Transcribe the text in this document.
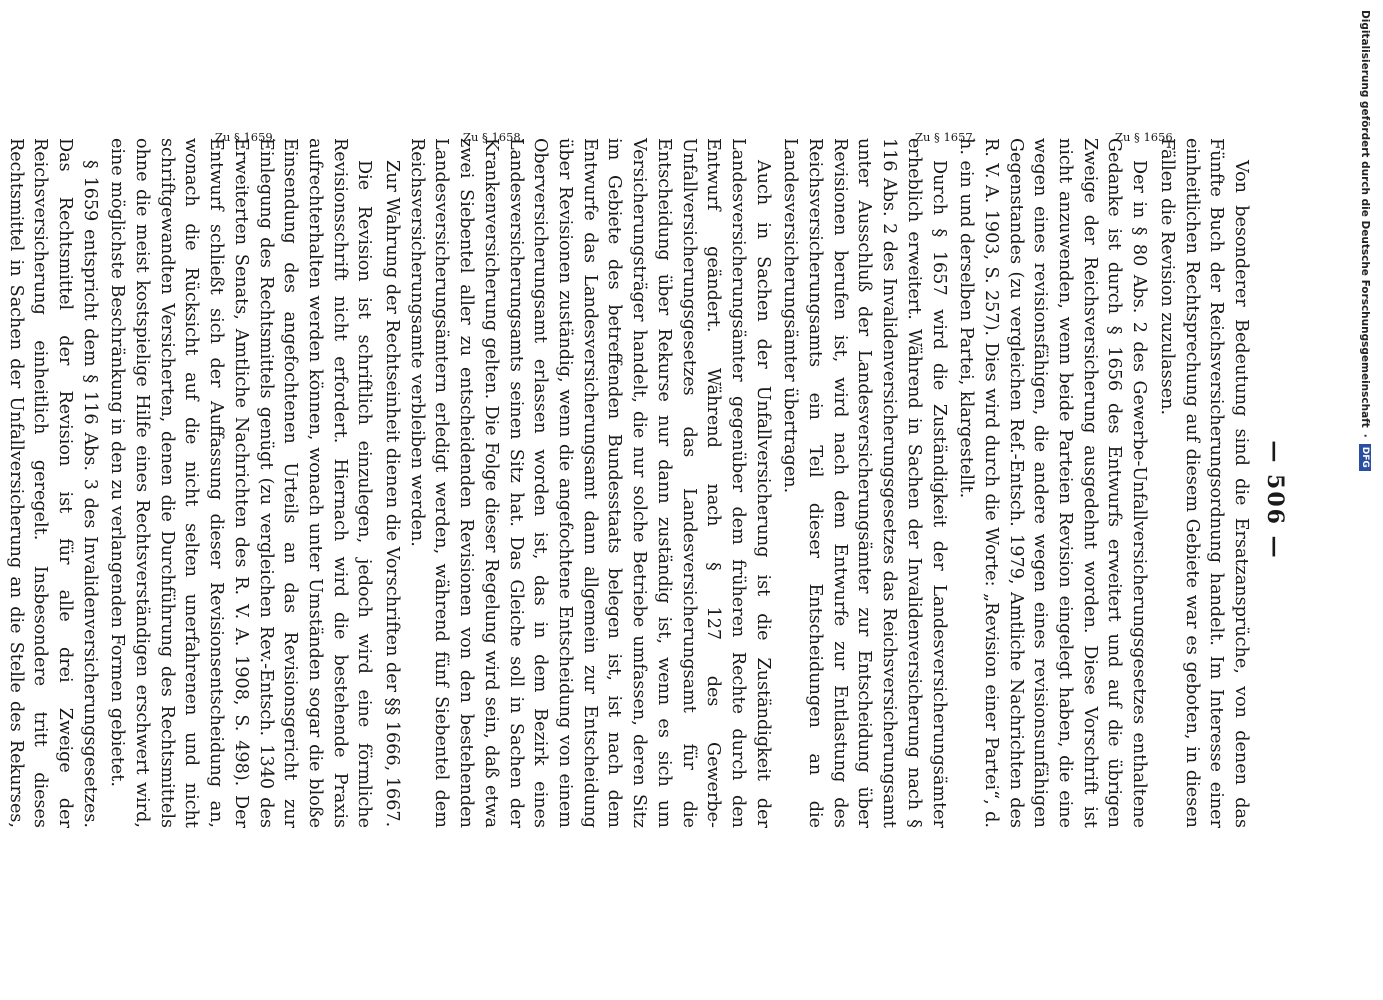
— 506 —
Zu § 1656.
Zu § 1657.
Zu § 1658.
Zu § 1659.

Von besonderer Bedeutung sind die Ersatzansprüche, von denen das Fünfte Buch der Reichsversicherungsordnung handelt. Im Interesse einer einheitlichen Rechtsprechung auf diesem Gebiete war es geboten, in diesen Fällen die Revision zuzulassen.

Der in § 80 Abs. 2 des Gewerbe-Unfallversicherungsgesetzes enthaltene Gedanke ist durch § 1656 des Entwurfs erweitert und auf die übrigen Zweige der Reichsversicherung ausgedehnt worden. Diese Vorschrift ist nicht anzuwenden, wenn beide Parteien Revision eingelegt haben, die eine wegen eines revisionsfähigen, die andere wegen eines revisionsunfähigen Gegenstandes (zu vergleichen Ref.-Entsch. 1979, Amtliche Nachrichten des R. V. A. 1903, S. 257). Dies wird durch die Worte: „Revision einer Partei“, d. h. ein und derselben Partei, klargestellt.

Durch § 1657 wird die Zuständigkeit der Landesversicherungsämter erheblich erweitert. Während in Sachen der Invalidenversicherung nach § 116 Abs. 2 des Invalidenversicherungsgesetzes das Reichsversicherungsamt unter Ausschluß der Landesversicherungsämter zur Entscheidung über Revisionen berufen ist, wird nach dem Entwurfe zur Entlastung des Reichsversicherungsamts ein Teil dieser Entscheidungen an die Landesversicherungsämter übertragen.

Auch in Sachen der Unfallversicherung ist die Zuständigkeit der Landesversicherungsämter gegenüber dem früheren Rechte durch den Entwurf geändert. Während nach § 127 des Gewerbe-Unfallversicherungsgesetzes das Landesversicherungsamt für die Entscheidung über Rekurse nur dann zuständig ist, wenn es sich um Versicherungsträger handelt, die nur solche Betriebe umfassen, deren Sitz im Gebiete des betreffenden Bundesstaats belegen ist, ist nach dem Entwurfe das Landesversicherungsamt dann allgemein zur Entscheidung über Revisionen zuständig, wenn die angefochtene Entscheidung von einem Oberversicherungsamt erlassen worden ist, das in dem Bezirk eines Landesversicherungsamts seinen Sitz hat. Das Gleiche soll in Sachen der Krankenversicherung gelten. Die Folge dieser Regelung wird sein, daß etwa zwei Siebentel aller zu entscheidenden Revisionen von den bestehenden Landesversicherungsämtern erledigt werden, während fünf Siebentel dem Reichsversicherungsamte verbleiben werden.

Zur Wahrung der Rechtseinheit dienen die Vorschriften der §§ 1666, 1667.

Die Revision ist schriftlich einzulegen, jedoch wird eine förmliche Revisionsschrift nicht erfordert. Hiernach wird die bestehende Praxis aufrechterhalten werden können, wonach unter Umständen sogar die bloße Einsendung des angefochtenen Urteils an das Revisionsgericht zur Einlegung des Rechtsmittels genügt (zu vergleichen Rev.-Entsch. 1340 des Erweiterten Senats, Amtliche Nachrichten des R. V. A. 1908, S. 498). Der Entwurf schließt sich der Auffassung dieser Revisionsentscheidung an, wonach die Rücksicht auf die nicht selten unerfahrenen und nicht schriftgewandten Versicherten, denen die Durchführung des Rechtsmittels ohne die meist kostspielige Hilfe eines Rechtsverständigen erschwert wird, eine möglichste Beschränkung in den zu verlangenden Formen gebietet.

§ 1659 entspricht dem § 116 Abs. 3 des Invalidenversicherungsgesetzes. Das Rechtsmittel der Revision ist für alle drei Zweige der Reichsversicherung einheitlich geregelt. Insbesondere tritt dieses Rechtsmittel in Sachen der Unfallversicherung an die Stelle des Rekurses,

Digitalisierung gefördert durch die Deutsche Forschungsgemeinschaft
·
DFG
